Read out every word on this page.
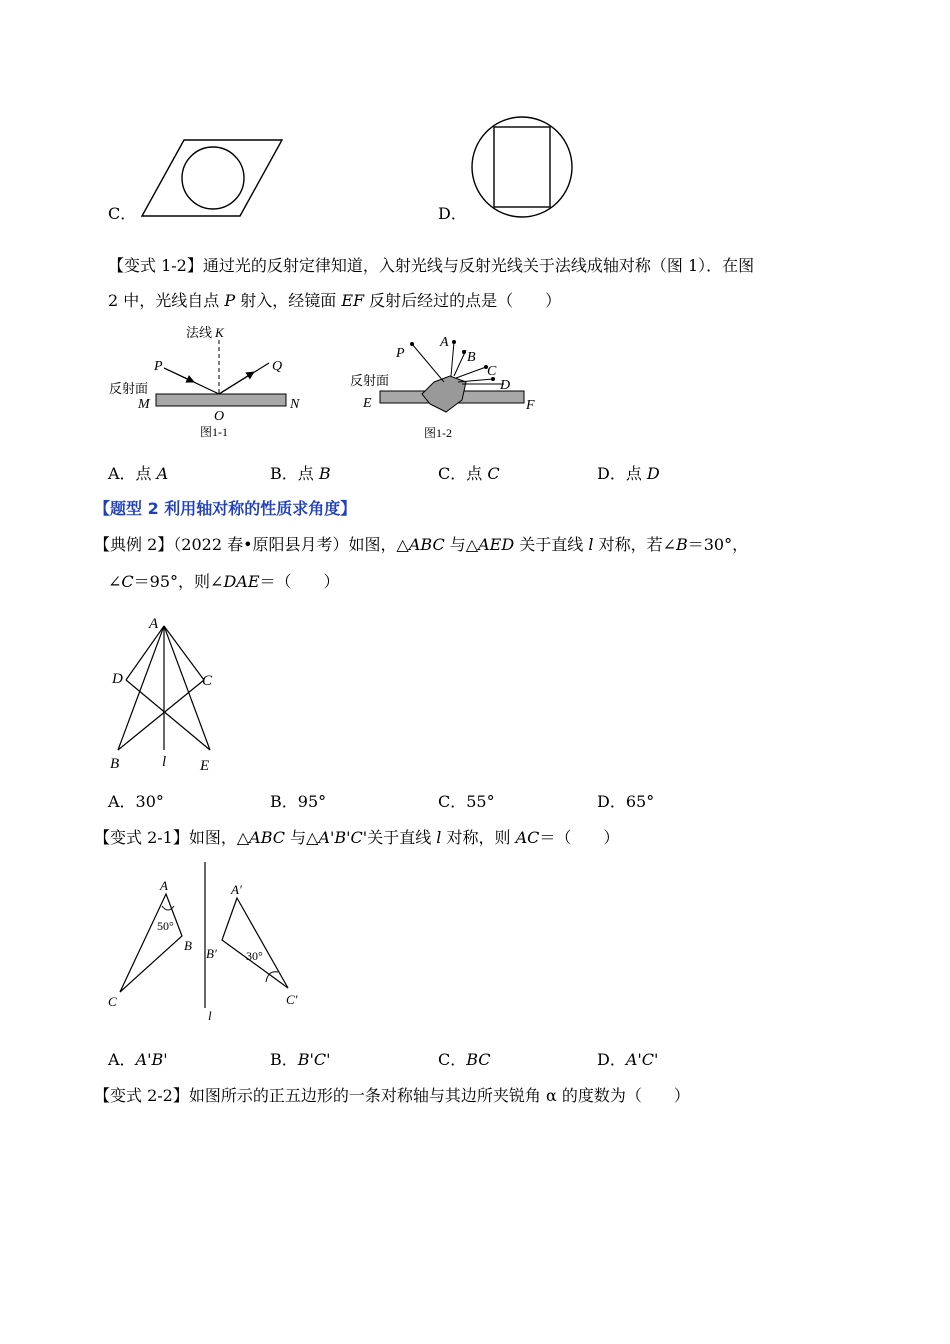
C．	D．
【变式 1-2】通过光的反射定律知道，入射光线与反射光线关于法线成轴对称（图 1）．在图
2 中，光线自点 P 射入，经镜面 EF 反射后经过的点是（　　）
法线 K
P	Q
反射面
M	N
O
图1-1
P
A
B
C
D
反射面
E	F
图1-2
A．点 A	B．点 B	C．点 C	D．点 D
【题型 2 利用轴对称的性质求角度】
【典例 2】（2022 春•原阳县月考）如图，△ABC 与△AED 关于直线 l 对称，若∠B＝30°，
∠C＝95°，则∠DAE＝（　　）
A
D	C
B	l E
A．30°	B．95°	C．55°	D．65°
【变式 2-1】如图，△ABC 与△A'B'C'关于直线 l 对称，则 AC＝（　　）
A
50°
B
C
A′
B′ 30°
C′
l
A．A'B'	B．B'C'	C．BC	D．A'C'
【变式 2-2】如图所示的正五边形的一条对称轴与其边所夹锐角 α 的度数为（　　）
